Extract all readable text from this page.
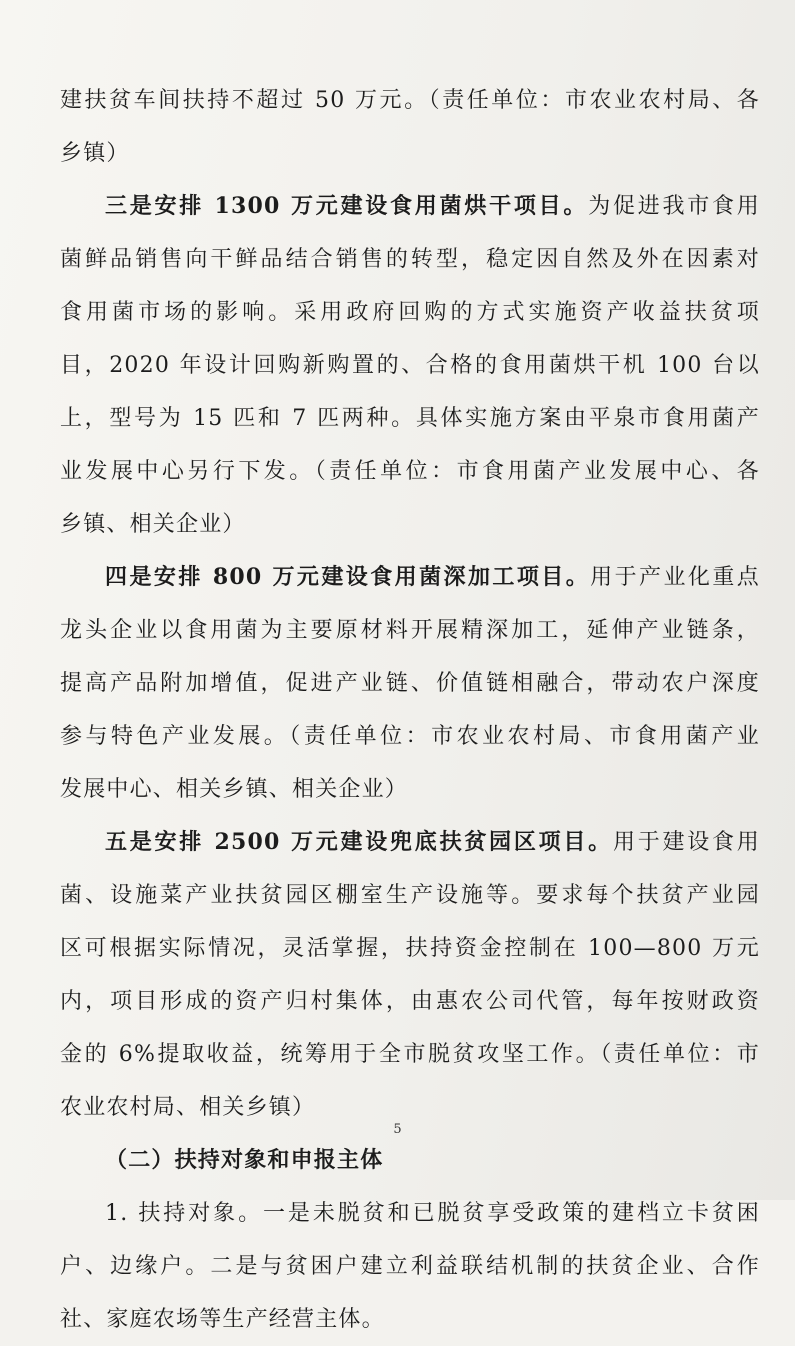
建扶贫车间扶持不超过 50 万元。（责任单位：市农业农村局、各
乡镇）
三是安排 1300 万元建设食用菌烘干项目。为促进我市食用
菌鲜品销售向干鲜品结合销售的转型，稳定因自然及外在因素对
食用菌市场的影响。采用政府回购的方式实施资产收益扶贫项
目，2020 年设计回购新购置的、合格的食用菌烘干机 100 台以
上，型号为 15 匹和 7 匹两种。具体实施方案由平泉市食用菌产
业发展中心另行下发。（责任单位：市食用菌产业发展中心、各
乡镇、相关企业）
四是安排 800 万元建设食用菌深加工项目。用于产业化重点
龙头企业以食用菌为主要原材料开展精深加工，延伸产业链条，
提高产品附加增值，促进产业链、价值链相融合，带动农户深度
参与特色产业发展。（责任单位：市农业农村局、市食用菌产业
发展中心、相关乡镇、相关企业）
五是安排 2500 万元建设兜底扶贫园区项目。用于建设食用
菌、设施菜产业扶贫园区棚室生产设施等。要求每个扶贫产业园
区可根据实际情况，灵活掌握，扶持资金控制在 100—800 万元
内，项目形成的资产归村集体，由惠农公司代管，每年按财政资
金的 6%提取收益，统筹用于全市脱贫攻坚工作。（责任单位：市
农业农村局、相关乡镇）
（二）扶持对象和申报主体
1. 扶持对象。一是未脱贫和已脱贫享受政策的建档立卡贫困
户、边缘户。二是与贫困户建立利益联结机制的扶贫企业、合作
社、家庭农场等生产经营主体。
5
